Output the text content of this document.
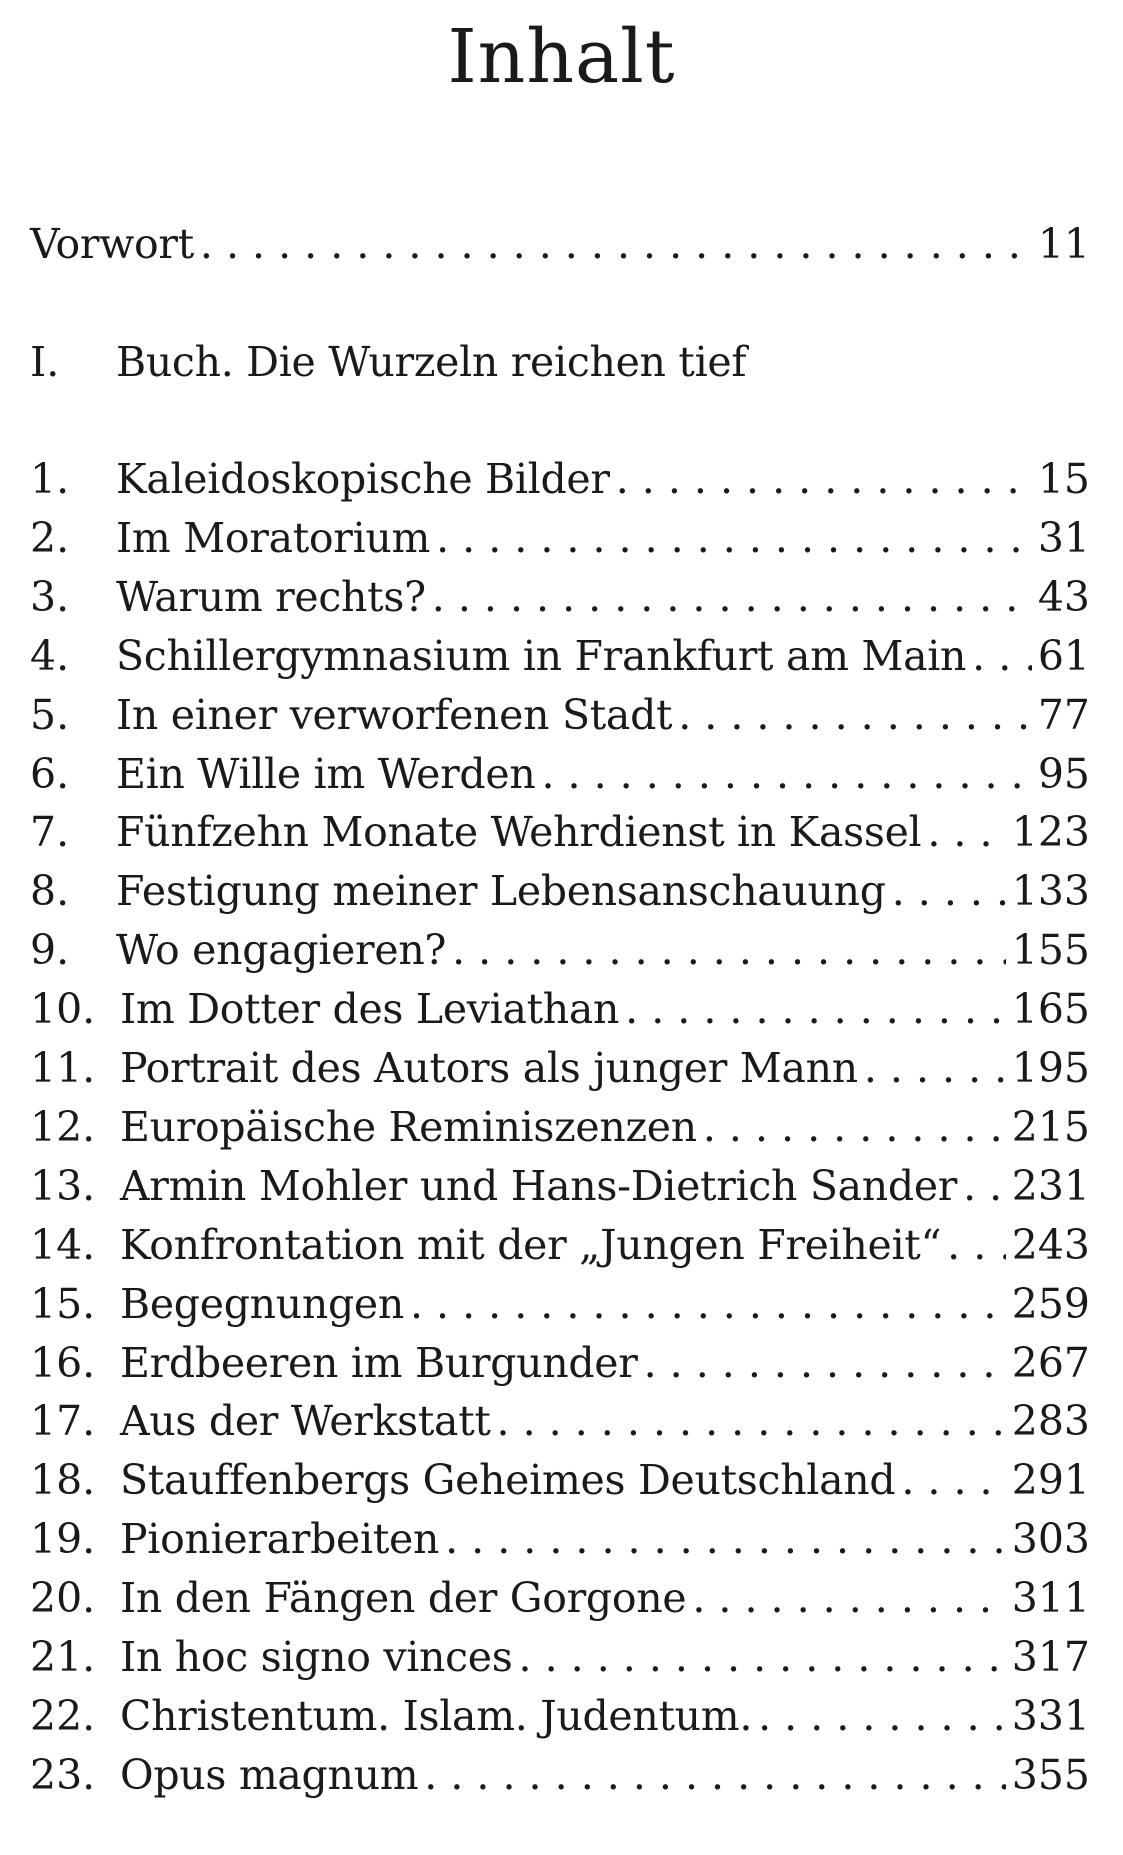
Inhalt
Vorwort . . .	11
I.	Buch. Die Wurzeln reichen tief
1.	Kaleidoskopische Bilder . . .	15
2.	Im Moratorium . . .	31
3.	Warum rechts? . . .	43
4.	Schillergymnasium in Frankfurt am Main . . . 61
5.	In einer verworfenen Stadt . . .	77
6.	Ein Wille im Werden . . .	95
7.	Fünfzehn Monate Wehrdienst in Kassel . . . 123
8.	Festigung meiner Lebensanschauung . . .	133
9.	Wo engagieren? . . .	155
10. Im Dotter des Leviathan . . .	165
11. Portrait des Autors als junger Mann . . .	195
12. Europäische Reminiszenzen . . .	215
13. Armin Mohler und Hans-Dietrich Sander . . . 231
14. Konfrontation mit der „Jungen Freiheit“ . . . 243
15. Begegnungen . . .	259
16. Erdbeeren im Burgunder . . .	267
17. Aus der Werkstatt . . .	283
18. Stauffenbergs Geheimes Deutschland . . .	291
19. Pionierarbeiten . . .	303
20. In den Fängen der Gorgone . . .	311
21. In hoc signo vinces . . .	317
22. Christentum. Islam. Judentum. . . .	331
23. Opus magnum . . .	355
